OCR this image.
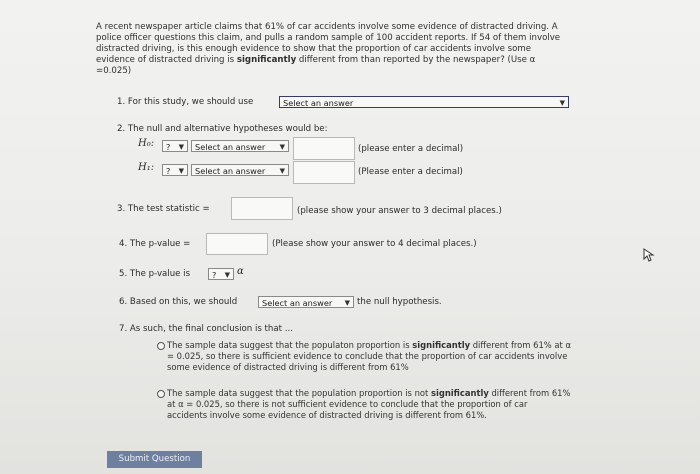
A recent newspaper article claims that 61% of car accidents involve some evidence of distracted driving. A
police officer questions this claim, and pulls a random sample of 100 accident reports. If 54 of them involve
distracted driving, is this enough evidence to show that the proportion of car accidents involve some
evidence of distracted driving is significantly different from than reported by the newspaper? (Use α
=0.025)
1. For this study, we should use	Select an answer	▼
2. The null and alternative hypotheses would be:
H₀:	? ▼	Select an answer ▼	(please enter a decimal)
H₁:	? ▼	Select an answer ▼	(Please enter a decimal)
3. The test statistic =	(please show your answer to 3 decimal places.)
4. The p-value =	(Please show your answer to 4 decimal places.)
5. The p-value is	? ▼ α
6. Based on this, we should	Select an answer ▼ the null hypothesis.
7. As such, the final conclusion is that ...
The sample data suggest that the populaton proportion is significantly different from 61% at α
= 0.025, so there is sufficient evidence to conclude that the proportion of car accidents involve
some evidence of distracted driving is different from 61%
The sample data suggest that the population proportion is not significantly different from 61%
at α = 0.025, so there is not sufficient evidence to conclude that the proportion of car
accidents involve some evidence of distracted driving is different from 61%.
Submit Question
